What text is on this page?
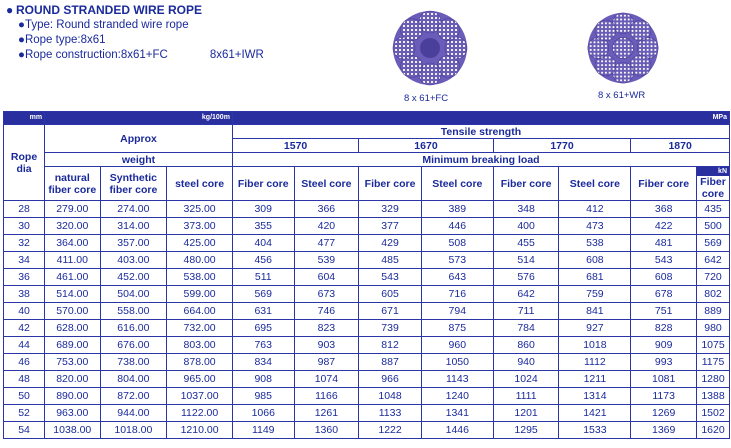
● ROUND STRANDED WIRE ROPE
●Type: Round stranded wire rope
●Rope type:8x61
●Rope construction:8x61+FC	8x61+IWR
8 x 61+FC	8 x 61+WR
mm	kg/100m			MPa							

Rope dia	Approx			Tensile strength							
				1570		1670		1770		1870	
	weight			Minimum breaking load							
	natural fiber core	Synthetic fiber core	steel core	Fiber core	Steel core	Fiber core	Steel core	Fiber core	Steel core	Fiber core	kN
Fiber core
28	279.00	274.00	325.00	309	366	329	389	348	412	368	435
30	320.00	314.00	373.00	355	420	377	446	400	473	422	500
32	364.00	357.00	425.00	404	477	429	508	455	538	481	569
34	411.00	403.00	480.00	456	539	485	573	514	608	543	642
36	461.00	452.00	538.00	511	604	543	643	576	681	608	720
38	514.00	504.00	599.00	569	673	605	716	642	759	678	802
40	570.00	558.00	664.00	631	746	671	794	711	841	751	889
42	628.00	616.00	732.00	695	823	739	875	784	927	828	980
44	689.00	676.00	803.00	763	903	812	960	860	1018	909	1075
46	753.00	738.00	878.00	834	987	887	1050	940	1112	993	1175
48	820.00	804.00	965.00	908	1074	966	1143	1024	1211	1081	1280
50	890.00	872.00	1037.00	985	1166	1048	1240	1111	1314	1173	1388
52	963.00	944.00	1122.00	1066	1261	1133	1341	1201	1421	1269	1502
54	1038.00	1018.00	1210.00	1149	1360	1222	1446	1295	1533	1369	1620
